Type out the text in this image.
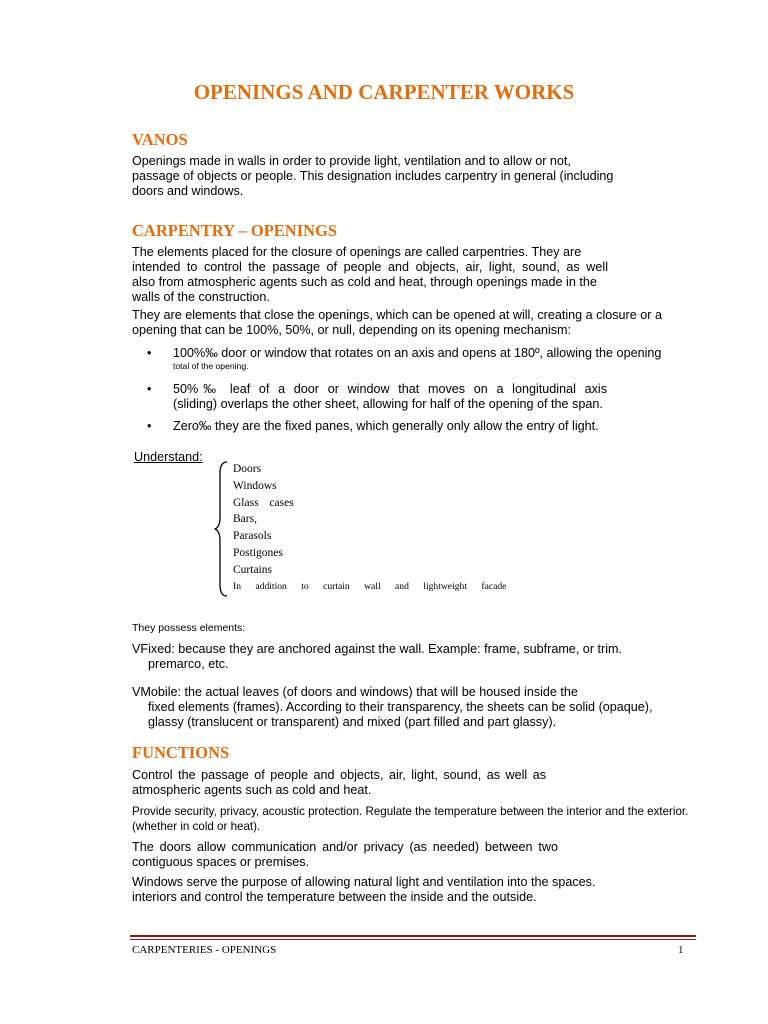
OPENINGS AND CARPENTER WORKS
VANOS
Openings made in walls in order to provide light, ventilation and to allow or not,
passage of objects or people. This designation includes carpentry in general (including
doors and windows.
CARPENTRY – OPENINGS
The elements placed for the closure of openings are called carpentries. They are
intended to control the passage of people and objects, air, light, sound, as well
also from atmospheric agents such as cold and heat, through openings made in the
walls of the construction.
They are elements that close the openings, which can be opened at will, creating a closure or a
opening that can be 100%, 50%, or null, depending on its opening mechanism:
• 100%‰ door or window that rotates on an axis and opens at 180º, allowing the opening
total of the opening.
• 50%‰ leaf of a door or window that moves on a longitudinal axis
(sliding) overlaps the other sheet, allowing for half of the opening of the span.
• Zero‰ they are the fixed panes, which generally only allow the entry of light.
Understand:
Doors
Windows
Glass cases
Bars,
Parasols
Postigones
Curtains
In addition to curtain wall and lightweight facade
They possess elements:
VFixed: because they are anchored against the wall. Example: frame, subframe, or trim.
premarco, etc.
VMobile: the actual leaves (of doors and windows) that will be housed inside the
fixed elements (frames). According to their transparency, the sheets can be solid (opaque),
glassy (translucent or transparent) and mixed (part filled and part glassy).
FUNCTIONS
Control the passage of people and objects, air, light, sound, as well as
atmospheric agents such as cold and heat.
Provide security, privacy, acoustic protection. Regulate the temperature between the interior and the exterior.
(whether in cold or heat).
The doors allow communication and/or privacy (as needed) between two
contiguous spaces or premises.
Windows serve the purpose of allowing natural light and ventilation into the spaces.
interiors and control the temperature between the inside and the outside.
CARPENTERIES - OPENINGS	1
